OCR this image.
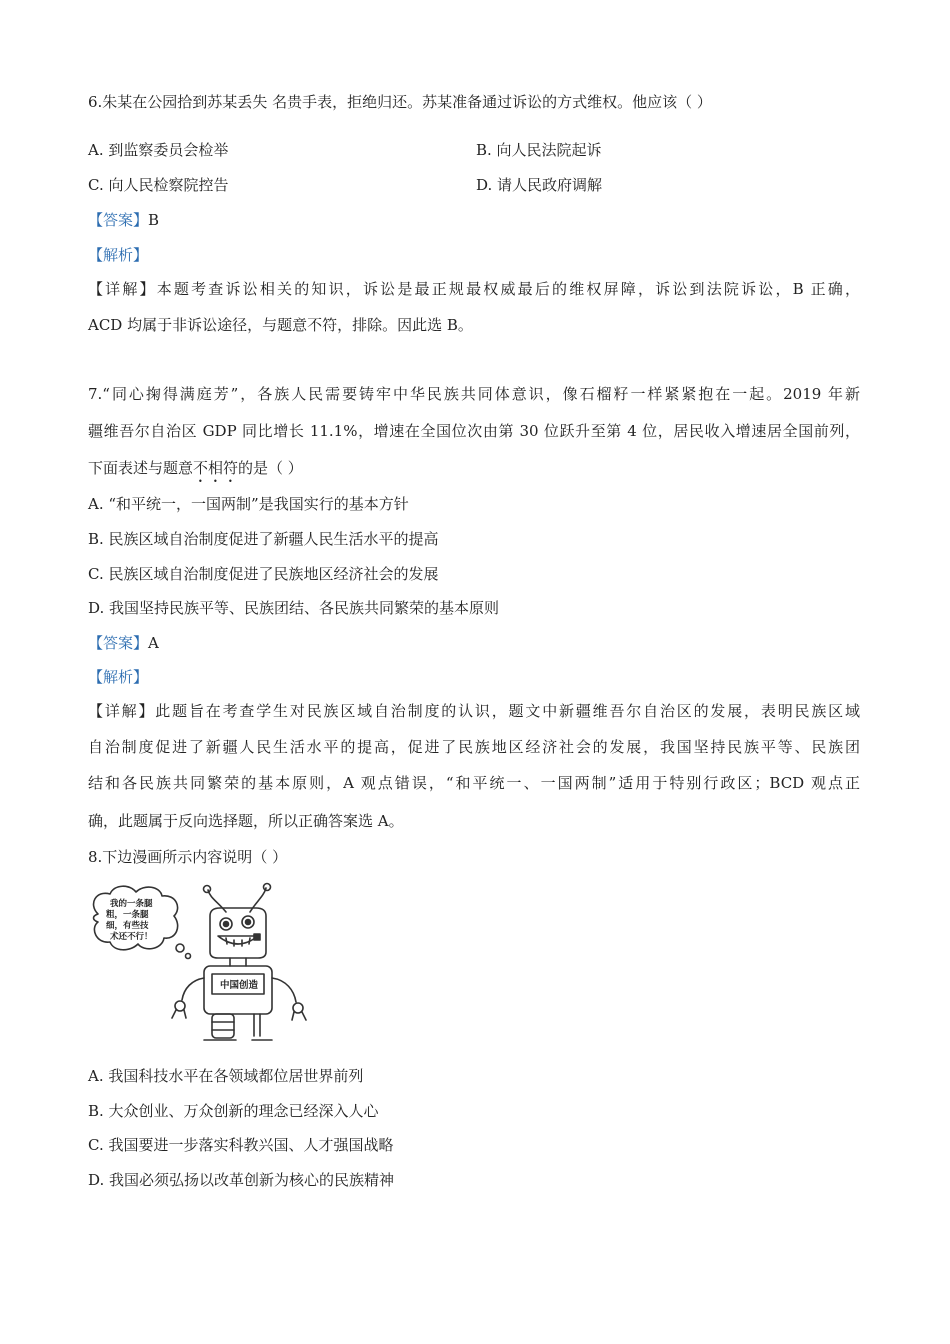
6.朱某在公园拾到苏某丢失 名贵手表，拒绝归还。苏某准备通过诉讼的方式维权。他应该（ ）
A. 到监察委员会检举	B. 向人民法院起诉
C. 向人民检察院控告	D. 请人民政府调解
【答案】B
【解析】
【详解】本题考查诉讼相关的知识，诉讼是最正规最权威最后的维权屏障，诉讼到法院诉讼，B 正确，
ACD 均属于非诉讼途径，与题意不符，排除。因此选 B。
7.“同心掬得满庭芳”，各族人民需要铸牢中华民族共同体意识，像石榴籽一样紧紧抱在一起。2019 年新
疆维吾尔自治区 GDP 同比增长 11.1%，增速在全国位次由第 30 位跃升至第 4 位，居民收入增速居全国前列，
下面表述与题意不相符的是（ ）
A. “和平统一，一国两制”是我国实行的基本方针
B. 民族区域自治制度促进了新疆人民生活水平的提高
C. 民族区域自治制度促进了民族地区经济社会的发展
D. 我国坚持民族平等、民族团结、各民族共同繁荣的基本原则
【答案】A
【解析】
【详解】此题旨在考查学生对民族区域自治制度的认识，题文中新疆维吾尔自治区的发展，表明民族区域
自治制度促进了新疆人民生活水平的提高，促进了民族地区经济社会的发展，我国坚持民族平等、民族团
结和各民族共同繁荣的基本原则，A 观点错误，“和平统一、一国两制”适用于特别行政区；BCD 观点正
确，此题属于反向选择题，所以正确答案选 A。
8.下边漫画所示内容说明（ ）
我的一条腿
粗，一条腿
细，有些技
术还不行！
中国创造
A. 我国科技水平在各领域都位居世界前列
B. 大众创业、万众创新的理念已经深入人心
C. 我国要进一步落实科教兴国、人才强国战略
D. 我国必须弘扬以改革创新为核心的民族精神
